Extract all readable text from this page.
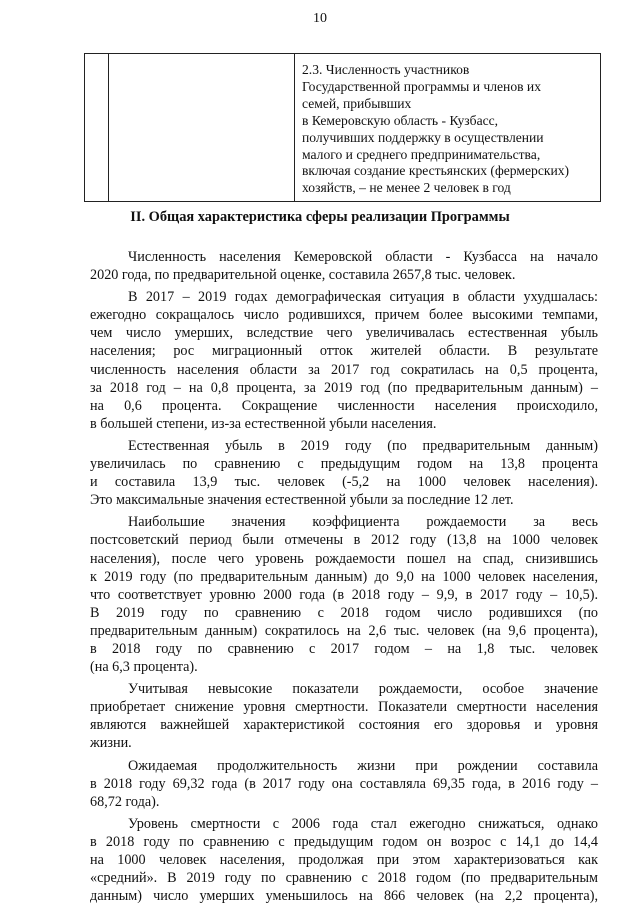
10

2.3. Численность участников
Государственной программы и членов их
семей, прибывших
в Кемеровскую область - Кузбасс,
получивших поддержку в осуществлении
малого и среднего предпринимательства,
включая создание крестьянских (фермерских)
хозяйств, – не менее 2 человек в год
II. Общая характеристика сферы реализации Программы
Численность населения Кемеровской области - Кузбасса на начало
2020 года, по предварительной оценке, составила 2657,8 тыс. человек.
В 2017 – 2019 годах демографическая ситуация в области ухудшалась:
ежегодно сокращалось число родившихся, причем более высокими темпами,
чем число умерших, вследствие чего увеличивалась естественная убыль
населения; рос миграционный отток жителей области. В результате
численность населения области за 2017 год сократилась на 0,5 процента,
за 2018 год – на 0,8 процента, за 2019 год (по предварительным данным) –
на 0,6 процента. Сокращение численности населения происходило,
в большей степени, из-за естественной убыли населения.
Естественная убыль в 2019 году (по предварительным данным)
увеличилась по сравнению с предыдущим годом на 13,8 процента
и составила 13,9 тыс. человек (-5,2 на 1000 человек населения).
Это максимальные значения естественной убыли за последние 12 лет.
Наибольшие значения коэффициента рождаемости за весь
постсоветский период были отмечены в 2012 году (13,8 на 1000 человек
населения), после чего уровень рождаемости пошел на спад, снизившись
к 2019 году (по предварительным данным) до 9,0 на 1000 человек населения,
что соответствует уровню 2000 года (в 2018 году – 9,9, в 2017 году – 10,5).
В 2019 году по сравнению с 2018 годом число родившихся (по
предварительным данным) сократилось на 2,6 тыс. человек (на 9,6 процента),
в 2018 году по сравнению с 2017 годом – на 1,8 тыс. человек
(на 6,3 процента).
Учитывая невысокие показатели рождаемости, особое значение
приобретает снижение уровня смертности. Показатели смертности населения
являются важнейшей характеристикой состояния его здоровья и уровня
жизни.
Ожидаемая продолжительность жизни при рождении составила
в 2018 году 69,32 года (в 2017 году она составляла 69,35 года, в 2016 году –
68,72 года).
Уровень смертности с 2006 года стал ежегодно снижаться, однако
в 2018 году по сравнению с предыдущим годом он возрос с 14,1 до 14,4
на 1000 человек населения, продолжая при этом характеризоваться как
«средний». В 2019 году по сравнению с 2018 годом (по предварительным
данным) число умерших уменьшилось на 866 человек (на 2,2 процента),
